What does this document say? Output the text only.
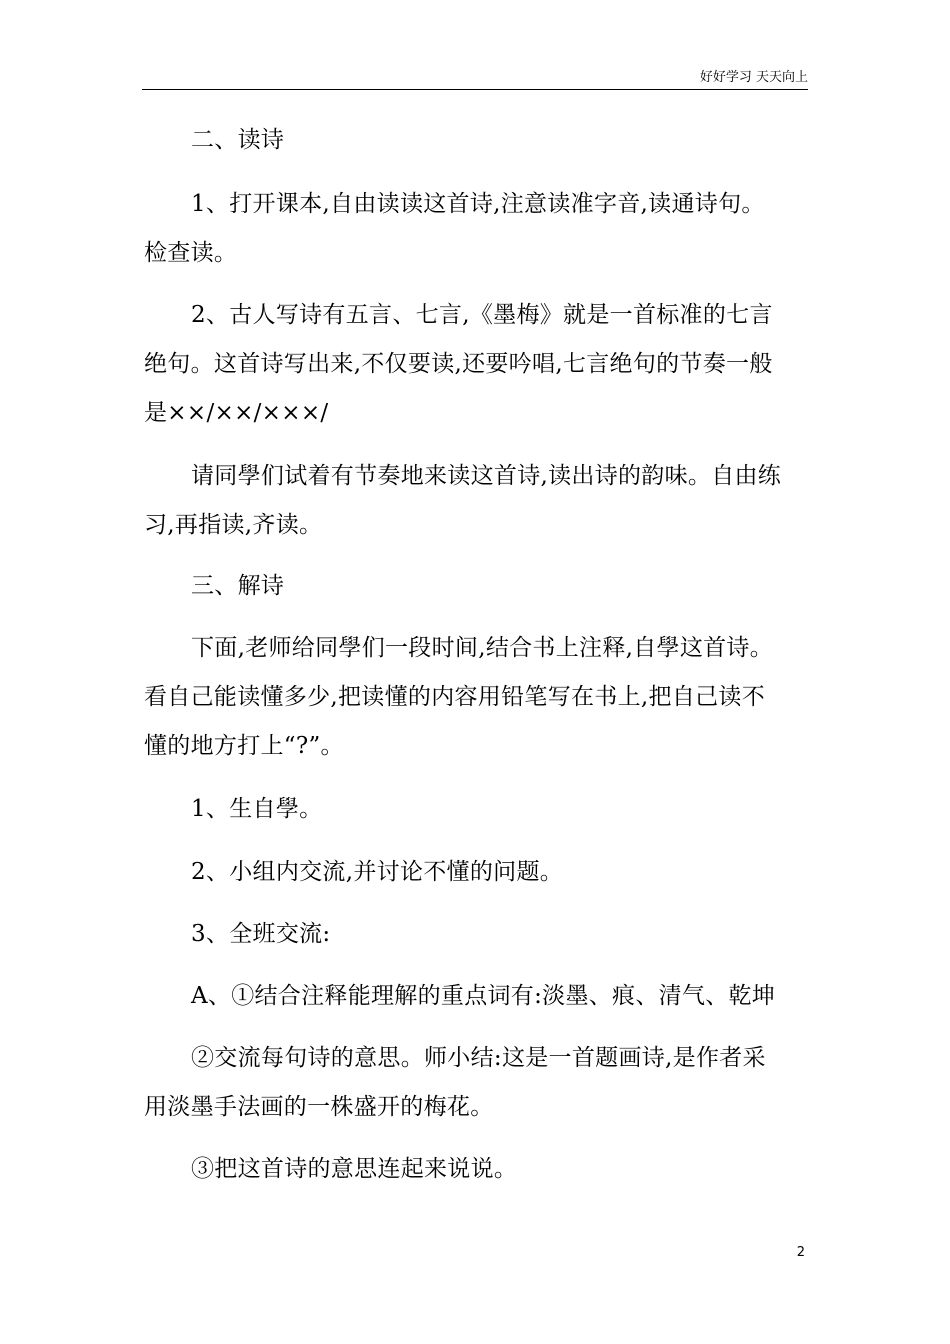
好好学习 天天向上
二、读诗
1、打开课本,自由读读这首诗,注意读准字音,读通诗句。
检查读。
2、古人写诗有五言、七言,《墨梅》就是一首标准的七言
绝句。这首诗写出来,不仅要读,还要吟唱,七言绝句的节奏一般
是××/××/×××/
请同學们试着有节奏地来读这首诗,读出诗的韵味。自由练
习,再指读,齐读。
三、解诗
下面,老师给同學们一段时间,结合书上注释,自學这首诗。
看自己能读懂多少,把读懂的内容用铅笔写在书上,把自己读不
懂的地方打上“?”。
1、生自學。
2、小组内交流,并讨论不懂的问题。
3、全班交流:
A、①结合注释能理解的重点词有:淡墨、痕、清气、乾坤
②交流每句诗的意思。师小结:这是一首题画诗,是作者采
用淡墨手法画的一株盛开的梅花。
③把这首诗的意思连起来说说。
2
